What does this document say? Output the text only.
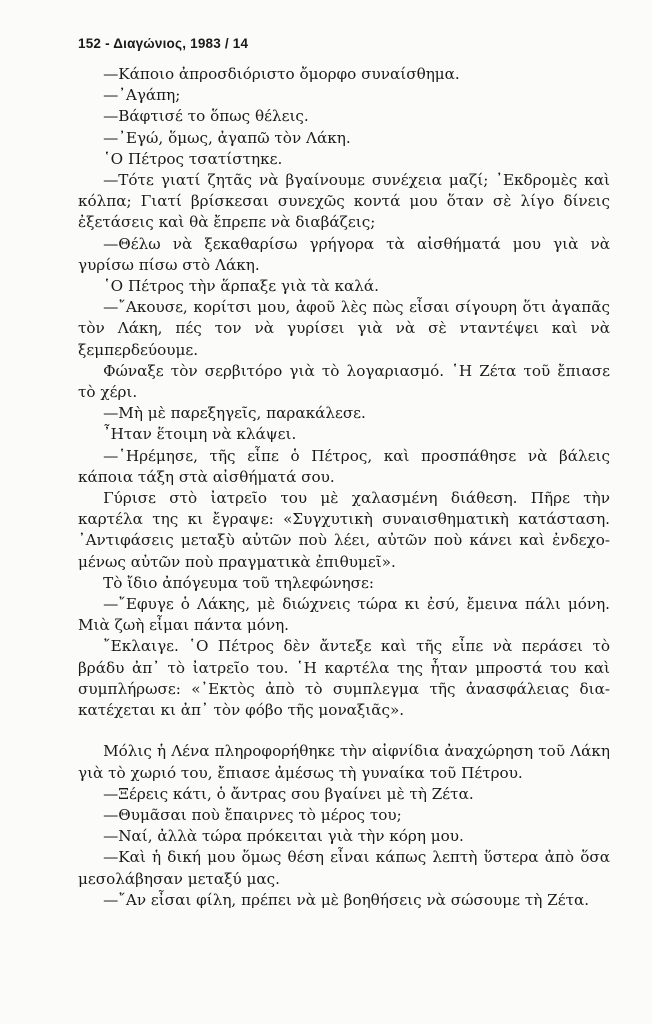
152 - Διαγώνιος, 1983 / 14

—Κάποιο ἀπροσδιόριστο ὄμορφο συναίσθημα.

—᾿Αγάπη;

—Βάφτισέ το ὅπως θέλεις.

—᾿Εγώ, ὅμως, ἀγαπῶ τὸν Λάκη.

῾Ο Πέτρος τσατίστηκε.

—Τότε γιατί ζητᾶς νὰ βγαίνουμε συνέχεια μαζί; ᾿Εκδρομὲς καὶ κόλπα; Γιατί βρίσκεσαι συνεχῶς κοντά μου ὅταν σὲ λίγο δίνεις ἐξετάσεις καὶ θὰ ἔπρεπε νὰ διαβάζεις;

—Θέλω νὰ ξεκαθαρίσω γρήγορα τὰ αἰσθήματά μου γιὰ νὰ γυρίσω πίσω στὸ Λάκη.

῾Ο Πέτρος τὴν ἅρπαξε γιὰ τὰ καλά.

—῎Ακουσε, κορίτσι μου, ἀφοῦ λὲς πὼς εἶσαι σίγουρη ὅτι ἀγαπᾶς τὸν Λάκη, πές τον νὰ γυρίσει γιὰ νὰ σὲ νταντέψει καὶ νὰ ξεμπερδεύουμε.

Φώναξε τὸν σερβιτόρο γιὰ τὸ λογαριασμό. ῾Η Ζέτα τοῦ ἔπιασε τὸ χέρι.

—Μὴ μὲ παρεξηγεῖς, παρακάλεσε.

῏Ηταν ἕτοιμη νὰ κλάψει.

—῾Ηρέμησε, τῆς εἶπε ὁ Πέτρος, καὶ προσπάθησε νὰ βάλεις κάποια τάξη στὰ αἰσθήματά σου.

Γύρισε στὸ ἰατρεῖο του μὲ χαλασμένη διάθεση. Πῆρε τὴν καρτέλα της κι ἔγραψε: «Συγχυτικὴ συναισθηματικὴ κατάσταση. ᾿Αντιφάσεις μεταξὺ αὐτῶν ποὺ λέει, αὐτῶν ποὺ κάνει καὶ ἐνδεχομένως αὐτῶν ποὺ πραγματικὰ ἐπιθυμεῖ».

Τὸ ἴδιο ἀπόγευμα τοῦ τηλεφώνησε:

—῎Εφυγε ὁ Λάκης, μὲ διώχνεις τώρα κι ἐσύ, ἔμεινα πάλι μόνη. Μιὰ ζωὴ εἶμαι πάντα μόνη.

῎Εκλαιγε. ῾Ο Πέτρος δὲν ἄντεξε καὶ τῆς εἶπε νὰ περάσει τὸ βράδυ ἀπ᾿ τὸ ἰατρεῖο του. ῾Η καρτέλα της ἦταν μπροστά του καὶ συμπλήρωσε: «᾿Εκτὸς ἀπὸ τὸ συμπλεγμα τῆς ἀνασφάλειας διακατέχεται κι ἀπ᾿ τὸν φόβο τῆς μοναξιᾶς».

Μόλις ἡ Λένα πληροφορήθηκε τὴν αἰφνίδια ἀναχώρηση τοῦ Λάκη γιὰ τὸ χωριό του, ἔπιασε ἀμέσως τὴ γυναίκα τοῦ Πέτρου.

—Ξέρεις κάτι, ὁ ἄντρας σου βγαίνει μὲ τὴ Ζέτα.

—Θυμᾶσαι ποὺ ἔπαιρνες τὸ μέρος του;

—Ναί, ἀλλὰ τώρα πρόκειται γιὰ τὴν κόρη μου.

—Καὶ ἡ δική μου ὅμως θέση εἶναι κάπως λεπτὴ ὕστερα ἀπὸ ὅσα μεσολάβησαν μεταξύ μας.

—῎Αν εἶσαι φίλη, πρέπει νὰ μὲ βοηθήσεις νὰ σώσουμε τὴ Ζέτα.
